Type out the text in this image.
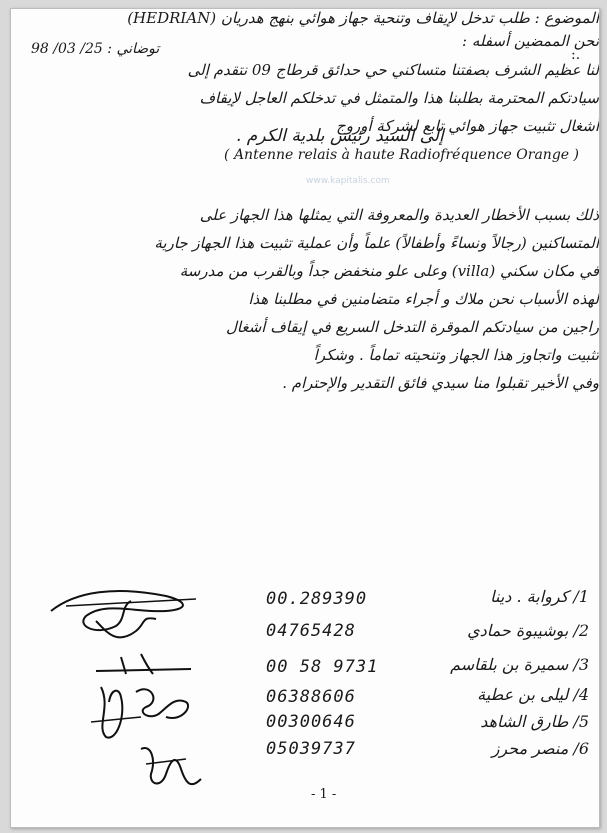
توضاني : 25/ 03/ 98	:.
إلى السيد رئيس بلدية الكرم .
www.kapitalis.com
الموضوع : طلب تدخل لإيقاف وتنحية جهاز هوائي بنهج هدريان (HEDRIAN)
نحن الممضين أسفله :
لنا عظيم الشرف بصفتنا متساكني حي حدائق قرطاج 09 نتقدم إلى
سيادتكم المحترمة بطلبنا هذا والمتمثل في تدخلكم العاجل لإيقاف
أشغال تثبيت جهاز هوائي تابع لشركة أوروج
( Antenne relais à haute Radiofréquence Orange )
ذلك بسبب الأخطار العديدة والمعروفة التي يمثلها هذا الجهاز على
المتساكنين (رجالاً ونساءً وأطفالاً) علماً وأن عملية تثبيت هذا الجهاز جارية
في مكان سكني (villa) وعلى علو منخفض جداً وبالقرب من مدرسة
لهذه الأسباب نحن ملاك و أجراء متضامنين في مطلبنا هذا
راجين من سيادتكم الموقرة التدخل السريع في إيقاف أشغال
تثبيت واتجاوز هذا الجهاز وتنحيته تماماً . وشكراً
وفي الأخير تقبلوا منا سيدي فائق التقدير والإحترام .
00.289390	1/ كروابة . دينا
04765428	2/ بوشيبوة حمادي
00 58 9731	3/ سميرة بن بلقاسم
06388606	4/ ليلى بن عطية
00300646	5/ طارق الشاهد
05039737	6/ منصر محرز
- 1 -
